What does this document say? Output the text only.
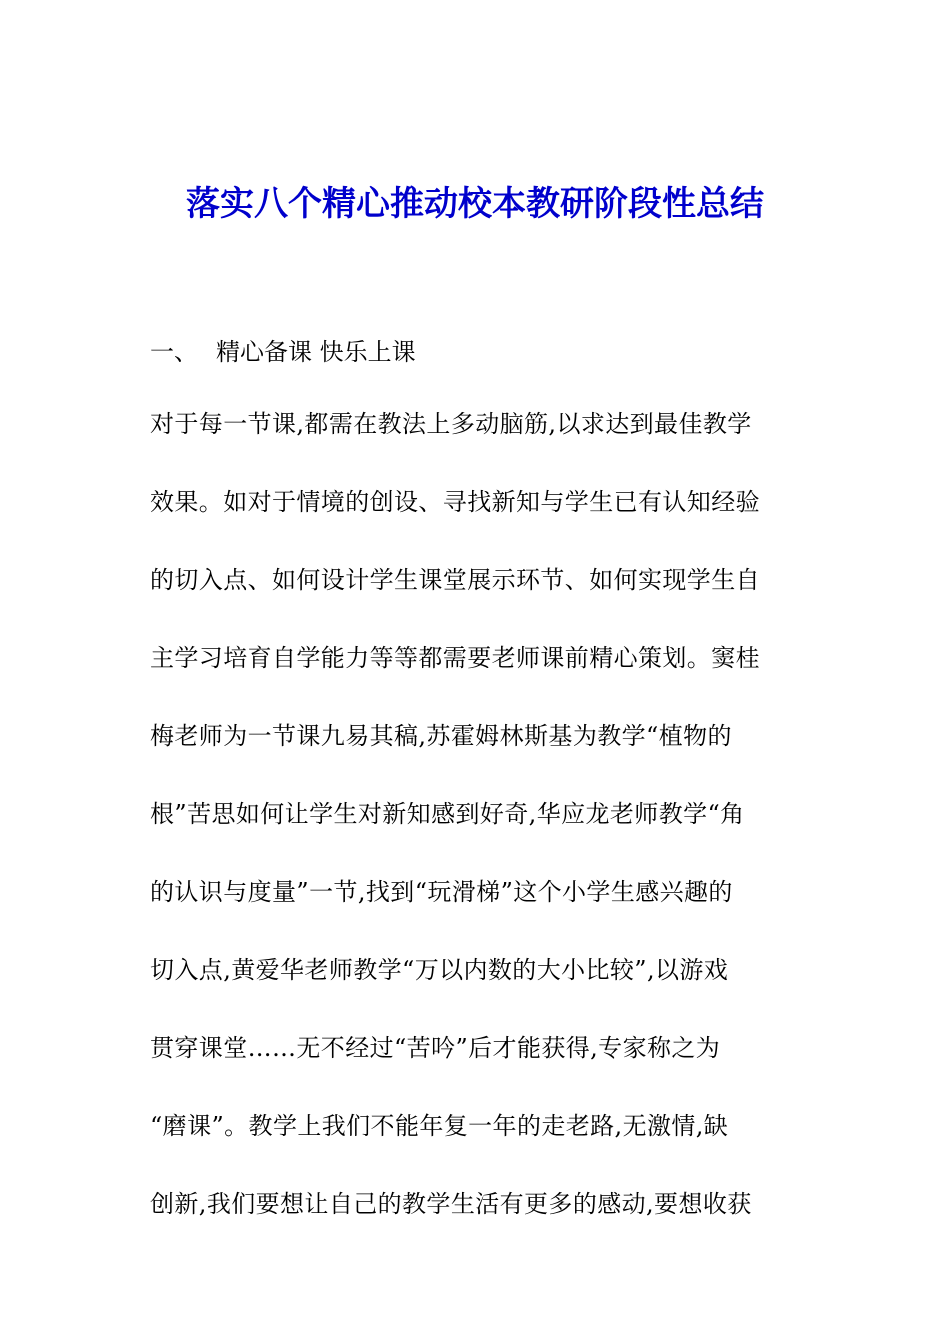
落实八个精心推动校本教研阶段性总结

一、 精心备课 快乐上课

对于每一节课,都需在教法上多动脑筋,以求达到最佳教学
效果。如对于情境的创设、寻找新知与学生已有认知经验
的切入点、如何设计学生课堂展示环节、如何实现学生自
主学习培育自学能力等等都需要老师课前精心策划。窦桂
梅老师为一节课九易其稿,苏霍姆林斯基为教学“植物的
根”苦思如何让学生对新知感到好奇,华应龙老师教学“角
的认识与度量”一节,找到“玩滑梯”这个小学生感兴趣的
切入点,黄爱华老师教学“万以内数的大小比较”,以游戏
贯穿课堂……无不经过“苦吟”后才能获得,专家称之为
“磨课”。教学上我们不能年复一年的走老路,无激情,缺
创新,我们要想让自己的教学生活有更多的感动,要想收获
